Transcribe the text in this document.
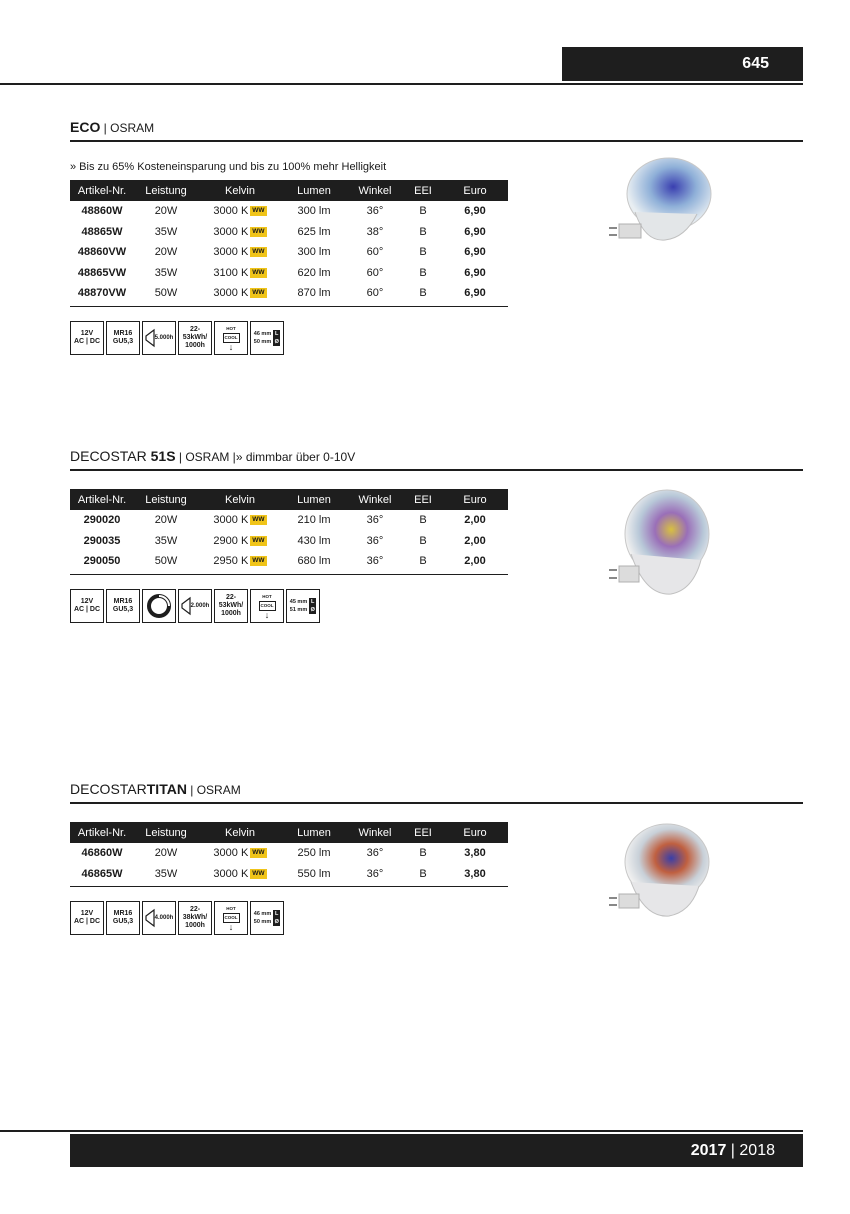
645
ECO | OSRAM
» Bis zu 65% Kosteneinsparung und bis zu 100% mehr Helligkeit
Artikel-Nr.	Leistung	Kelvin	Lumen	Winkel	EEI	Euro
48860W	20W	3000 K WW	300 lm	36°	B	6,90
48865W	35W	3000 K WW	625 lm	38°	B	6,90
48860VW	20W	3000 K WW	300 lm	60°	B	6,90
48865VW	35W	3100 K WW	620 lm	60°	B	6,90
48870VW	50W	3000 K WW	870 lm	60°	B	6,90
12V
AC | DC
MR16
GU5,3	5.000h
22-53kWh/
1000h
HOT
COOL
↓
46 mm L
50 mm Ø
DECOSTAR 51S | OSRAM |» dimmbar über 0-10V
Artikel-Nr.	Leistung	Kelvin	Lumen	Winkel	EEI	Euro
290020	20W	3000 K WW	210 lm	36°	B	2,00
290035	35W	2900 K WW	430 lm	36°	B	2,00
290050	50W	2950 K WW	680 lm	36°	B	2,00
12V
AC | DC
MR16
GU5,3	2.000h
22-53kWh/
1000h
HOT
COOL
↓
45 mm L
51 mm Ø
DECOSTARTITAN | OSRAM
Artikel-Nr.	Leistung	Kelvin	Lumen	Winkel	EEI	Euro
46860W	20W	3000 K WW	250 lm	36°	B	3,80
46865W	35W	3000 K WW	550 lm	36°	B	3,80
12V
AC | DC
MR16
GU5,3	4.000h
22-38kWh/
1000h
HOT
COOL
↓
46 mm L
50 mm Ø
2017 | 2018
